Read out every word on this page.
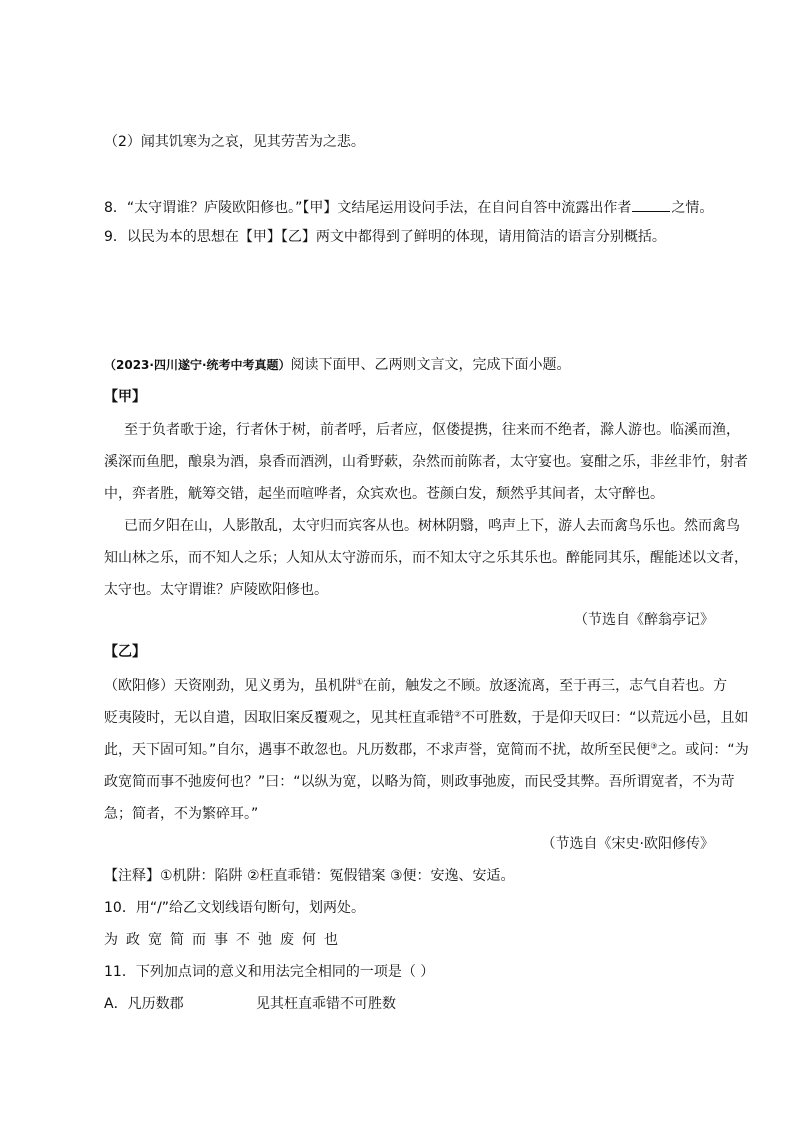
（2）闻其饥寒为之哀，见其劳苦为之悲。
8．“太守谓谁？庐陵欧阳修也。”【甲】文结尾运用设问手法，在自问自答中流露出作者	之情。
9．以民为本的思想在【甲】【乙】两文中都得到了鲜明的体现，请用简洁的语言分别概括。
（2023·四川遂宁·统考中考真题）阅读下面甲、乙两则文言文，完成下面小题。
【甲】
至于负者歌于途，行者休于树，前者呼，后者应，伛偻提携，往来而不绝者，滁人游也。临溪而渔，
溪深而鱼肥，酿泉为酒，泉香而酒洌，山肴野蔌，杂然而前陈者，太守宴也。宴酣之乐，非丝非竹，射者
中，弈者胜，觥筹交错，起坐而喧哗者，众宾欢也。苍颜白发，颓然乎其间者，太守醉也。
已而夕阳在山，人影散乱，太守归而宾客从也。树林阴翳，鸣声上下，游人去而禽鸟乐也。然而禽鸟
知山林之乐，而不知人之乐；人知从太守游而乐，而不知太守之乐其乐也。醉能同其乐，醒能述以文者，
太守也。太守谓谁？庐陵欧阳修也。
（节选自《醉翁亭记》
【乙】
（欧阳修）天资刚劲，见义勇为，虽机阱①在前，触发之不顾。放逐流离，至于再三，志气自若也。方
贬夷陵时，无以自遣，因取旧案反覆观之，见其枉直乖错②不可胜数，于是仰天叹曰：“以荒远小邑，且如
此，天下固可知。”自尔，遇事不敢忽也。凡历数郡，不求声誉，宽简而不扰，故所至民便③之。或问：“为
政宽简而事不弛废何也？”曰：“以纵为宽，以略为简，则政事弛废，而民受其弊。吾所谓宽者，不为苛
急；简者，不为繁碎耳。”
（节选自《宋史·欧阳修传》
【注释】①机阱：陷阱 ②枉直乖错：冤假错案 ③便：安逸、安适。
10．用“/”给乙文划线语句断句，划两处。
为政宽简而事不弛废何也
11．下列加点词的意义和用法完全相同的一项是（ ）
A．凡历数郡	见其枉直乖错不可胜数
